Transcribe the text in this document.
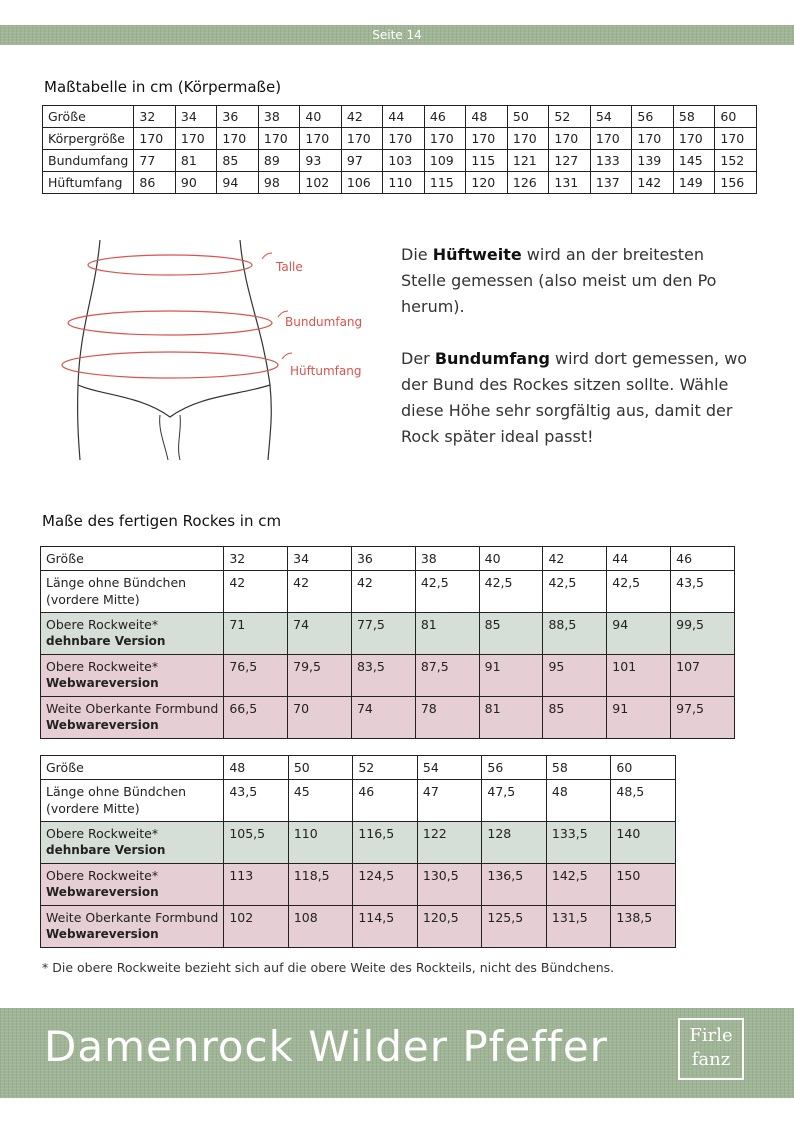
Seite 14
Maßtabelle in cm (Körpermaße)
Größe	32	34	36	38	40	42	44	46	48	50	52	54	56	58	60
Körpergröße	170	170	170	170	170	170	170	170	170	170	170	170	170	170	170
Bundumfang	77	81	85	89	93	97	103	109	115	121	127	133	139	145	152
Hüftumfang	86	90	94	98	102	106	110	115	120	126	131	137	142	149	156
Talle
Bundumfang
Hüftumfang

Die Hüftweite wird an der breitesten Stelle gemessen (also meist um den Po herum).

Der Bundumfang wird dort gemessen, wo der Bund des Rockes sitzen sollte. Wähle diese Höhe sehr sorgfältig aus, damit der Rock später ideal passt!

Maße des fertigen Rockes in cm
Größe	32	34	36	38	40	42	44	46

Länge ohne Bündchen
(vordere Mitte)	42	42	42	42,5	42,5	42,5	42,5	43,5

Obere Rockweite*
dehnbare Version	71	74	77,5	81	85	88,5	94	99,5

Obere Rockweite*
Webwareversion	76,5	79,5	83,5	87,5	91	95	101	107

Weite Oberkante Formbund
Webwareversion	66,5	70	74	78	81	85	91	97,5
Größe	48	50	52	54	56	58	60

Länge ohne Bündchen
(vordere Mitte)	43,5	45	46	47	47,5	48	48,5

Obere Rockweite*
dehnbare Version	105,5	110	116,5	122	128	133,5	140

Obere Rockweite*
Webwareversion	113	118,5	124,5	130,5	136,5	142,5	150

Weite Oberkante Formbund
Webwareversion	102	108	114,5	120,5	125,5	131,5	138,5
* Die obere Rockweite bezieht sich auf die obere Weite des Rockteils, nicht des Bündchens.
Damenrock Wilder Pfeffer	Firle
fanz
